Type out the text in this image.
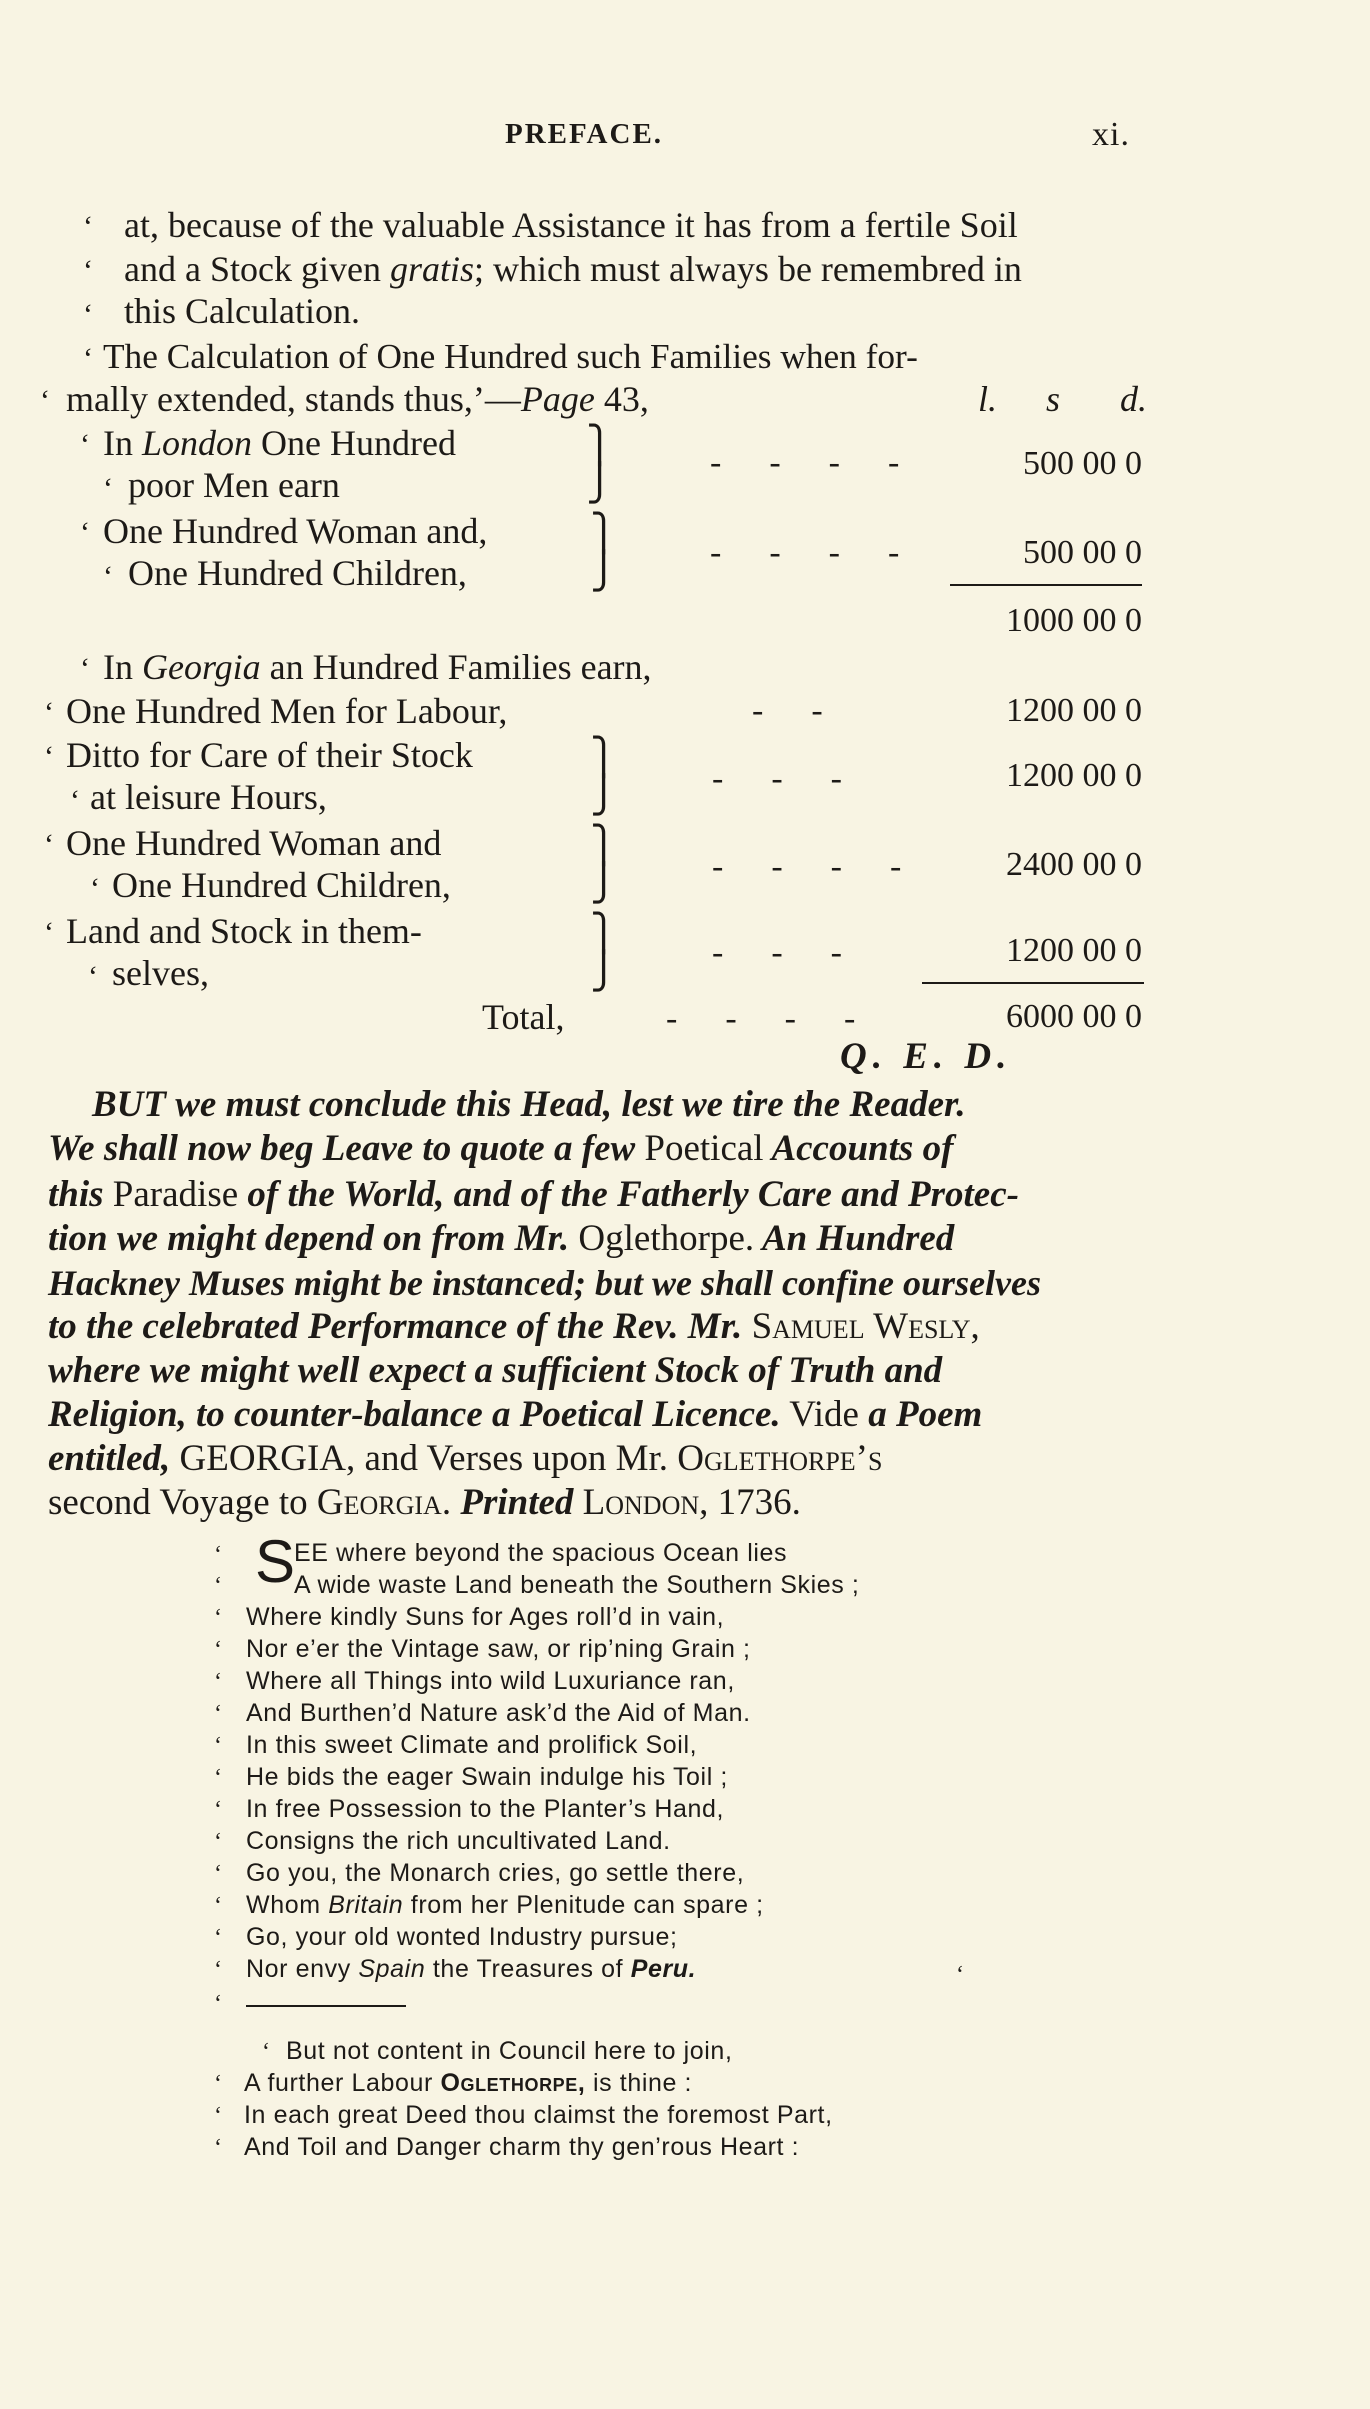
PREFACE.	xi.
‘ at, because of the valuable Assistance it has from a fertile Soil
‘ and a Stock given gratis; which must always be remembred in
‘ this Calculation.
‘ The Calculation of One Hundred such Families when for-
‘ mally extended, stands thus,’—Page 43,	l. s d.
‘ In London One Hundred
‘ poor Men earn
⎫
⎭
----	500 00 0
‘ One Hundred Woman and,
‘ One Hundred Children,
⎫
⎭	----	500 00 0
1000 00 0
‘ In Georgia an Hundred Families earn,
‘ One Hundred Men for Labour,	--	1200 00 0
‘ Ditto for Care of their Stock
‘ at leisure Hours,
⎫
⎭	---	1200 00 0
‘ One Hundred Woman and
‘ One Hundred Children,
⎫
⎭	----	2400 00 0
‘ Land and Stock in them-
‘ selves,
⎫
⎭	---	1200 00 0
Total,	----	6000 00 0
Q. E. D.
BUT we must conclude this Head, lest we tire the Reader.
We shall now beg Leave to quote a few Poetical Accounts of
this Paradise of the World, and of the Fatherly Care and Protec-
tion we might depend on from Mr. Oglethorpe. An Hundred
Hackney Muses might be instanced; but we shall confine ourselves
to the celebrated Performance of the Rev. Mr. Samuel Wesly,
where we might well expect a sufficient Stock of Truth and
Religion, to counter-balance a Poetical Licence. Vide a Poem
entitled, GEORGIA, and Verses upon Mr. Oglethorpe’s
second Voyage to Georgia. Printed London, 1736.
‘ S
EE where beyond the spacious Ocean lies
‘	A wide waste Land beneath the Southern Skies ;
‘ Where kindly Suns for Ages roll’d in vain,
‘ Nor e’er the Vintage saw, or rip’ning Grain ;
‘ Where all Things into wild Luxuriance ran,
‘ And Burthen’d Nature ask’d the Aid of Man.
‘ In this sweet Climate and prolifick Soil,
‘ He bids the eager Swain indulge his Toil ;
‘ In free Possession to the Planter’s Hand,
‘ Consigns the rich uncultivated Land.
‘ Go you, the Monarch cries, go settle there,
‘ Whom Britain from her Plenitude can spare ;
‘ Go, your old wonted Industry pursue;
‘ Nor envy Spain the Treasures of Peru.	‘
‘
‘ But not content in Council here to join,
‘ A further Labour Oglethorpe, is thine :
‘ In each great Deed thou claimst the foremost Part,
‘ And Toil and Danger charm thy gen’rous Heart :
